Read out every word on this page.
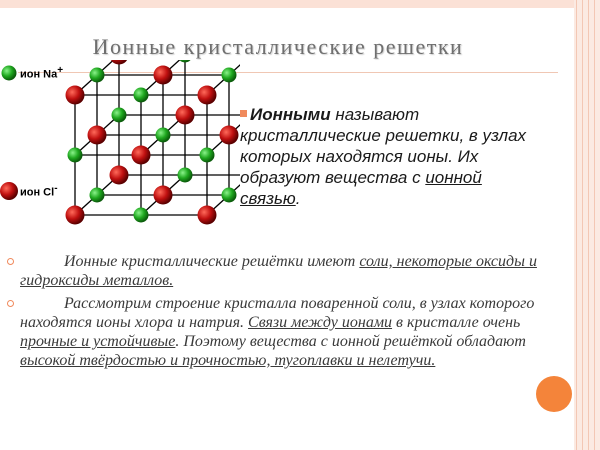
Ионные кристаллические решетки
ион Na+
ион Cl-
Ионными называют кристаллические решетки, в узлах которых находятся ионы. Их образуют вещества с ионной связью.
Ионные кристаллические решётки имеют соли, некоторые оксиды и гидроксиды металлов.
Рассмотрим строение кристалла поваренной соли, в узлах которого находятся ионы хлора и натрия. Связи между ионами в кристалле очень прочные и устойчивые. Поэтому вещества с ионной решёткой обладают высокой твёрдостью и прочностью, тугоплавки и нелетучи.
